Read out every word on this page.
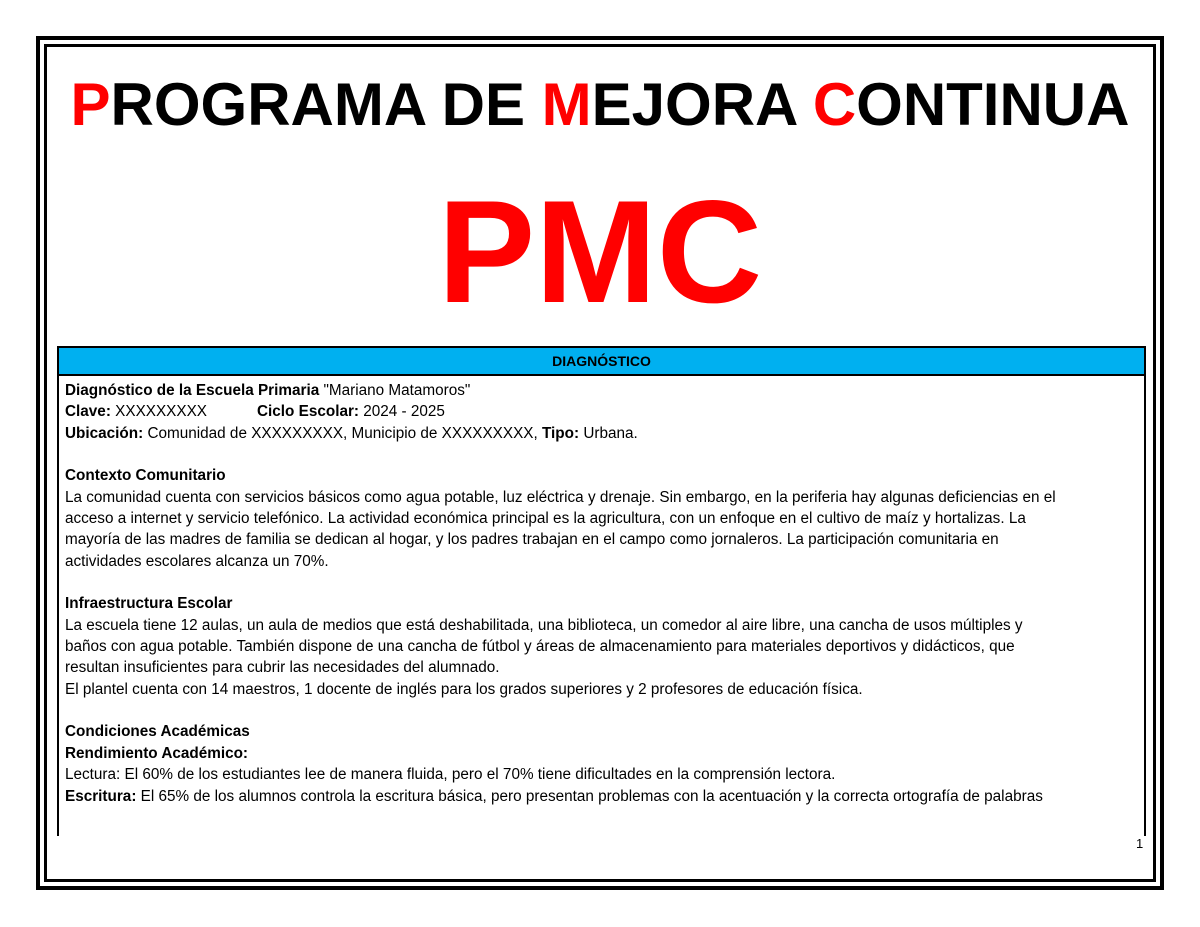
PROGRAMA DE MEJORA CONTINUA
PMC
DIAGNÓSTICO
Diagnóstico de la Escuela Primaria "Mariano Matamoros"
Clave: XXXXXXXXX	Ciclo Escolar: 2024 - 2025
Ubicación: Comunidad de XXXXXXXXX, Municipio de XXXXXXXXX, Tipo: Urbana.
Contexto Comunitario
La comunidad cuenta con servicios básicos como agua potable, luz eléctrica y drenaje. Sin embargo, en la periferia hay algunas deficiencias en el
acceso a internet y servicio telefónico. La actividad económica principal es la agricultura, con un enfoque en el cultivo de maíz y hortalizas. La
mayoría de las madres de familia se dedican al hogar, y los padres trabajan en el campo como jornaleros. La participación comunitaria en
actividades escolares alcanza un 70%.
Infraestructura Escolar
La escuela tiene 12 aulas, un aula de medios que está deshabilitada, una biblioteca, un comedor al aire libre, una cancha de usos múltiples y
baños con agua potable. También dispone de una cancha de fútbol y áreas de almacenamiento para materiales deportivos y didácticos, que
resultan insuficientes para cubrir las necesidades del alumnado.
El plantel cuenta con 14 maestros, 1 docente de inglés para los grados superiores y 2 profesores de educación física.
Condiciones Académicas
Rendimiento Académico:
Lectura: El 60% de los estudiantes lee de manera fluida, pero el 70% tiene dificultades en la comprensión lectora.
Escritura: El 65% de los alumnos controla la escritura básica, pero presentan problemas con la acentuación y la correcta ortografía de palabras
1
